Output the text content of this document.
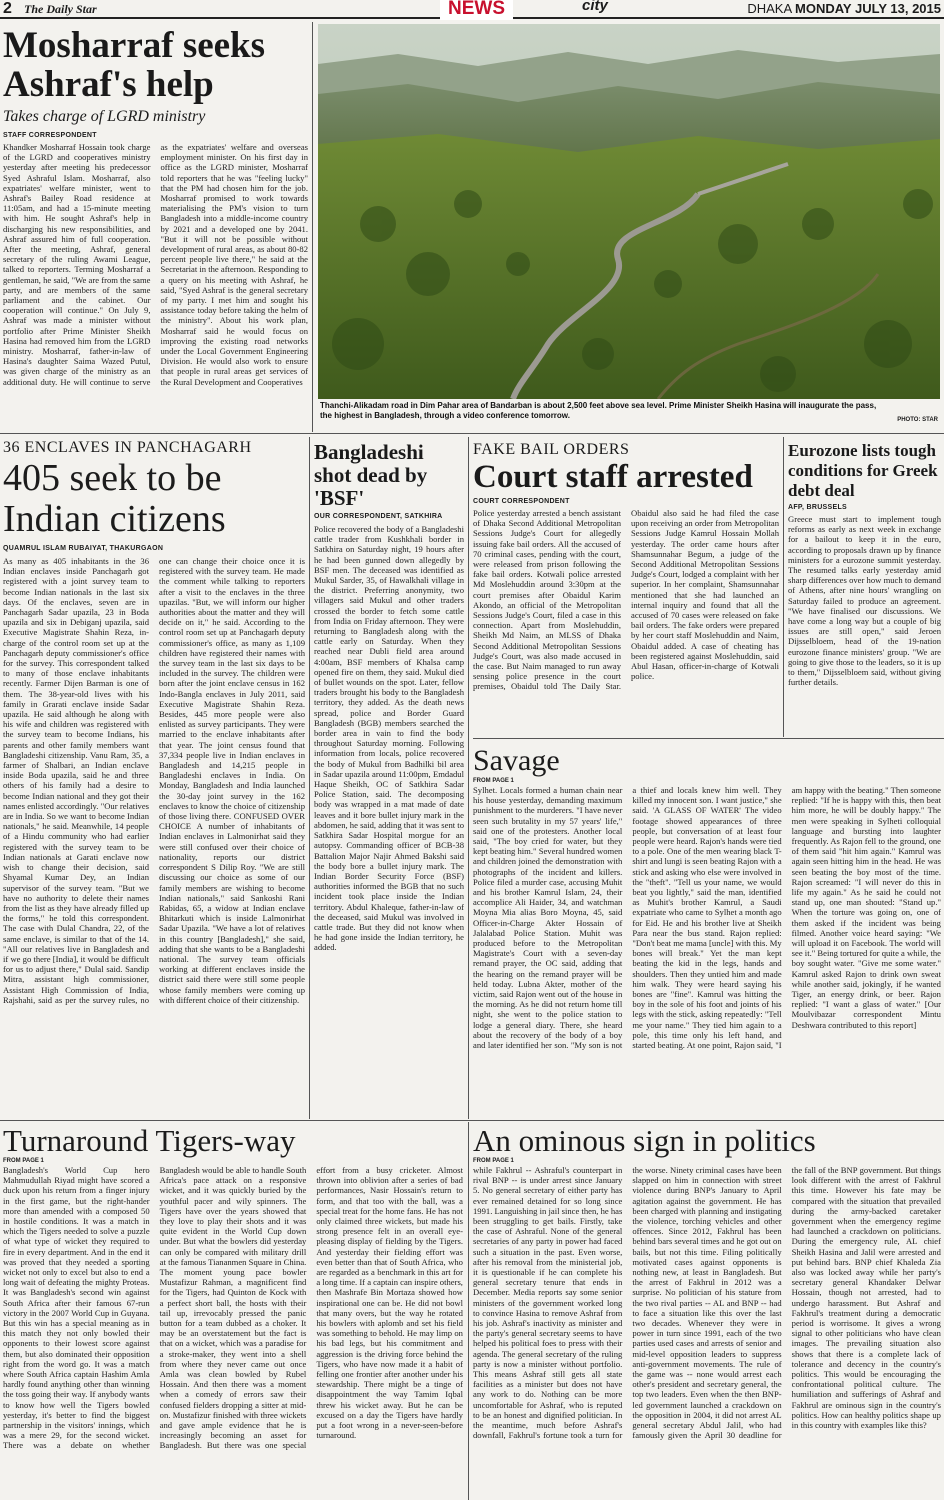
2 The Daily Star	NEWS	city	DHAKA MONDAY JULY 13, 2015
Mosharraf seeks Ashraf's help
Takes charge of LGRD ministry
STAFF CORRESPONDENT
Khandker Mosharraf Hossain took charge of the LGRD and cooperatives ministry yesterday after meeting his predecessor Syed Ashraful Islam. Mosharraf, also expatriates' welfare minister, went to Ashraf's Bailey Road residence at 11:05am, and had a 15-minute meeting with him. He sought Ashraf's help in discharging his new responsibilities, and Ashraf assured him of full cooperation. After the meeting, Ashraf, general secretary of the ruling Awami League, talked to reporters. Terming Mosharraf a gentleman, he said, "We are from the same party, and are members of the same parliament and the cabinet. Our cooperation will continue." On July 9, Ashraf was made a minister without portfolio after Prime Minister Sheikh Hasina had removed him from the LGRD ministry. Mosharraf, father-in-law of Hasina's daughter Saima Wazed Putul, was given charge of the ministry as an additional duty. He will continue to serve as the expatriates' welfare and overseas employment minister. On his first day in office as the LGRD minister, Mosharraf told reporters that he was "feeling lucky" that the PM had chosen him for the job. Mosharraf promised to work towards materialising the PM's vision to turn Bangladesh into a middle-income country by 2021 and a developed one by 2041. "But it will not be possible without development of rural areas, as about 80-82 percent people live there," he said at the Secretariat in the afternoon. Responding to a query on his meeting with Ashraf, he said, "Syed Ashraf is the general secretary of my party. I met him and sought his assistance today before taking the helm of the ministry". About his work plan, Mosharraf said he would focus on improving the existing road networks under the Local Government Engineering Division. He would also work to ensure that people in rural areas get services of the Rural Development and Cooperatives
Thanchi-Alikadam road in Dim Pahar area of Bandarban is about 2,500 feet above sea level. Prime Minister Sheikh Hasina will inaugurate the pass, the highest in Bangladesh, through a video conference tomorrow.	PHOTO: STAR
36 ENCLAVES IN PANCHAGARH
405 seek to be Indian citizens
QUAMRUL ISLAM RUBAIYAT, THAKURGAON
As many as 405 inhabitants in the 36 Indian enclaves inside Panchagarh got registered with a joint survey team to become Indian nationals in the last six days. Of the enclaves, seven are in Panchagarh Sadar upazila, 23 in Boda upazila and six in Debiganj upazila, said Executive Magistrate Shahin Reza, in-charge of the control room set up at the Panchagarh deputy commissioner's office for the survey. This correspondent talked to many of those enclave inhabitants recently. Farmer Dijen Barman is one of them. The 38-year-old lives with his family in Grarati enclave inside Sadar upazila. He said although he along with his wife and children was registered with the survey team to become Indians, his parents and other family members want Bangladeshi citizenship. Vanu Ram, 35, a farmer of Shalbari, an Indian enclave inside Boda upazila, said he and three others of his family had a desire to become Indian national and they got their names enlisted accordingly. "Our relatives are in India. So we want to become Indian nationals," he said. Meanwhile, 14 people of a Hindu community who had earlier registered with the survey team to be Indian nationals at Garati enclave now wish to change their decision, said Shyamal Kumar Dey, an Indian supervisor of the survey team. "But we have no authority to delete their names from the list as they have already filled up the forms," he told this correspondent. The case with Dulal Chandra, 22, of the same enclave, is similar to that of the 14. "All our relatives live in Bangladesh and if we go there [India], it would be difficult for us to adjust there," Dulal said. Sandip Mitra, assistant high commissioner, Assistant High Commission of India, Rajshahi, said as per the survey rules, no one can change their choice once it is registered with the survey team. He made the comment while talking to reporters after a visit to the enclaves in the three upazilas. "But, we will inform our higher authorities about the matter and they will decide on it," he said. According to the control room set up at Panchagarh deputy commissioner's office, as many as 1,109 children have registered their names with the survey team in the last six days to be included in the survey. The children were born after the joint enclave census in 162 Indo-Bangla enclaves in July 2011, said Executive Magistrate Shahin Reza. Besides, 445 more people were also enlisted as survey participants. They were married to the enclave inhabitants after that year. The joint census found that 37,334 people live in Indian enclaves in Bangladesh and 14,215 people in Bangladeshi enclaves in India. On Monday, Bangladesh and India launched the 30-day joint survey in the 162 enclaves to know the choice of citizenship of those living there. CONFUSED OVER CHOICE A number of inhabitants of Indian enclaves in Lalmonirhat said they were still confused over their choice of nationality, reports our district correspondent S Dilip Roy. "We are still discussing our choice as some of our family members are wishing to become Indian nationals," said Sankoshi Rani Rabidas, 65, a widow at Indian enclave Bhitarkuti which is inside Lalmonirhat Sadar Upazila. "We have a lot of relatives in this country [Bangladesh]," she said, adding that she wants to be a Bangladeshi national. The survey team officials working at different enclaves inside the district said there were still some people whose family members were coming up with different choice of their citizenship.
Bangladeshi shot dead by 'BSF'
OUR CORRESPONDENT, SATKHIRA
Police recovered the body of a Bangladeshi cattle trader from Kushkhali border in Satkhira on Saturday night, 19 hours after he had been gunned down allegedly by BSF men. The deceased was identified as Mukul Sarder, 35, of Hawalkhali village in the district. Preferring anonymity, two villagers said Mukul and other traders crossed the border to fetch some cattle from India on Friday afternoon. They were returning to Bangladesh along with the cattle early on Saturday. When they reached near Dubli field area around 4:00am, BSF members of Khalsa camp opened fire on them, they said. Mukul died of bullet wounds on the spot. Later, fellow traders brought his body to the Bangladesh territory, they added. As the death news spread, police and Border Guard Bangladesh (BGB) members searched the border area in vain to find the body throughout Saturday morning. Following information from locals, police recovered the body of Mukul from Badhilki bil area in Sadar upazila around 11:00pm, Emdadul Haque Sheikh, OC of Satkhira Sadar Police Station, said. The decomposing body was wrapped in a mat made of date leaves and it bore bullet injury mark in the abdomen, he said, adding that it was sent to Satkhira Sadar Hospital morgue for an autopsy. Commanding officer of BCB-38 Battalion Major Najir Ahmed Bakshi said the body bore a bullet injury mark. The Indian Border Security Force (BSF) authorities informed the BGB that no such incident took place inside the Indian territory. Abdul Khaleque, father-in-law of the deceased, said Mukul was involved in cattle trade. But they did not know when he had gone inside the Indian territory, he added.
FAKE BAIL ORDERS
Court staff arrested
COURT CORRESPONDENT
Police yesterday arrested a bench assistant of Dhaka Second Additional Metropolitan Sessions Judge's Court for allegedly issuing fake bail orders. All the accused of 70 criminal cases, pending with the court, were released from prison following the fake bail orders. Kotwali police arrested Md Moslehuddin around 3:30pm at the court premises after Obaidul Karim Akondo, an official of the Metropolitan Sessions Judge's Court, filed a case in this connection. Apart from Moslehuddin, Sheikh Md Naim, an MLSS of Dhaka Second Additional Metropolitan Sessions Judge's Court, was also made accused in the case. But Naim managed to run away sensing police presence in the court premises, Obaidul told The Daily Star. Obaidul also said he had filed the case upon receiving an order from Metropolitan Sessions Judge Kamrul Hossain Mollah yesterday. The order came hours after Shamsunnahar Begum, a judge of the Second Additional Metropolitan Sessions Judge's Court, lodged a complaint with her superior. In her complaint, Shamsunnahar mentioned that she had launched an internal inquiry and found that all the accused of 70 cases were released on fake bail orders. The fake orders were prepared by her court staff Moslehuddin and Naim, Obaidul added. A case of cheating has been registered against Moslehuddin, said Abul Hasan, officer-in-charge of Kotwali police.
Eurozone lists tough conditions for Greek debt deal
AFP, BRUSSELS
Greece must start to implement tough reforms as early as next week in exchange for a bailout to keep it in the euro, according to proposals drawn up by finance ministers for a eurozone summit yesterday. The resumed talks early yesterday amid sharp differences over how much to demand of Athens, after nine hours' wrangling on Saturday failed to produce an agreement. "We have finalised our discussions. We have come a long way but a couple of big issues are still open," said Jeroen Dijsselbloem, head of the 19-nation eurozone finance ministers' group. "We are going to give those to the leaders, so it is up to them," Dijsselbloem said, without giving further details.
Savage
FROM PAGE 1
Sylhet. Locals formed a human chain near his house yesterday, demanding maximum punishment to the murderers. "I have never seen such brutality in my 57 years' life," said one of the protesters. Another local said, "The boy cried for water, but they kept beating him." Several hundred women and children joined the demonstration with photographs of the incident and killers. Police filed a murder case, accusing Muhit and his brother Kamrul Islam, 24, their accomplice Ali Haider, 34, and watchman Moyna Mia alias Boro Moyna, 45, said Officer-in-Charge Akter Hossain of Jalalabad Police Station. Muhit was produced before to the Metropolitan Magistrate's Court with a seven-day remand prayer, the OC said, adding that the hearing on the remand prayer will be held today. Lubna Akter, mother of the victim, said Rajon went out of the house in the morning. As he did not return home till night, she went to the police station to lodge a general diary. There, she heard about the recovery of the body of a boy and later identified her son. "My son is not a thief and locals knew him well. They killed my innocent son. I want justice," she said. 'A GLASS OF WATER' The video footage showed appearances of three people, but conversation of at least four people were heard. Rajon's hands were tied to a pole. One of the men wearing black T-shirt and lungi is seen beating Rajon with a stick and asking who else were involved in the "theft". "Tell us your name, we would beat you lightly," said the man, identified as Muhit's brother Kamrul, a Saudi expatriate who came to Sylhet a month ago for Eid. He and his brother live at Sheikh Para near the bus stand. Rajon replied: "Don't beat me mama [uncle] with this. My bones will break." Yet the man kept beating the kid in the legs, hands and shoulders. Then they untied him and made him walk. They were heard saying his bones are "fine". Kamrul was hitting the boy in the sole of his foot and joints of his legs with the stick, asking repeatedly: "Tell me your name." They tied him again to a pole, this time only his left hand, and started beating. At one point, Rajon said, "I am happy with the beating." Then someone replied: "If he is happy with this, then beat him more, he will be doubly happy." The men were speaking in Sylheti colloquial language and bursting into laughter frequently. As Rajon fell to the ground, one of them said "hit him again." Kamrul was again seen hitting him in the head. He was seen beating the boy most of the time. Rajon screamed: "I will never do this in life my again." As he said he could not stand up, one man shouted: "Stand up." When the torture was going on, one of them asked if the incident was being filmed. Another voice heard saying: "We will upload it on Facebook. The world will see it." Being tortured for quite a while, the boy sought water. "Give me some water." Kamrul asked Rajon to drink own sweat while another said, jokingly, if he wanted Tiger, an energy drink, or beer. Rajon replied: "I want a glass of water." [Our Moulvibazar correspondent Mintu Deshwara contributed to this report]
Turnaround Tigers-way
FROM PAGE 1
Bangladesh's World Cup hero Mahmudullah Riyad might have scored a duck upon his return from a finger injury in the first game, but the right-hander more than amended with a composed 50 in hostile conditions. It was a match in which the Tigers needed to solve a puzzle of what type of wicket they required to fire in every department. And in the end it was proved that they needed a sporting wicket not only to excel but also to end a long wait of defeating the mighty Proteas. It was Bangladesh's second win against South Africa after their famous 67-run victory in the 2007 World Cup in Guyana. But this win has a special meaning as in this match they not only bowled their opponents to their lowest score against them, but also dominated their opposition right from the word go. It was a match where South Africa captain Hashim Amla hardly found anything other than winning the toss going their way. If anybody wants to know how well the Tigers bowled yesterday, it's better to find the biggest partnership in the visitors' innings, which was a mere 29, for the second wicket. There was a debate on whether Bangladesh would be able to handle South Africa's pace attack on a responsive wicket, and it was quickly buried by the youthful pacer and wily spinners. The Tigers have over the years showed that they love to play their shots and it was quite evident in the World Cup down under. But what the bowlers did yesterday can only be compared with military drill at the famous Tiananmen Square in China. The moment young pace bowler Mustafizur Rahman, a magnificent find for the Tigers, had Quinton de Kock with a perfect short ball, the hosts with their tail up, irrevocably pressed the panic button for a team dubbed as a choker. It may be an overstatement but the fact is that on a wicket, which was a paradise for a stroke-maker, they went into a shell from where they never came out once Amla was clean bowled by Rubel Hossain. And then there was a moment when a comedy of errors saw their confused fielders dropping a sitter at mid-on. Mustafizur finished with three wickets and gave ample evidence that he is increasingly becoming an asset for Bangladesh. But there was one special effort from a busy cricketer. Almost thrown into oblivion after a series of bad performances, Nasir Hossain's return to form, and that too with the ball, was a special treat for the home fans. He has not only claimed three wickets, but made his strong presence felt in an overall eye-pleasing display of fielding by the Tigers. And yesterday their fielding effort was even better than that of South Africa, who are regarded as a benchmark in this art for a long time. If a captain can inspire others, then Mashrafe Bin Mortaza showed how inspirational one can be. He did not bowl that many overs, but the way he rotated his bowlers with aplomb and set his field was something to behold. He may limp on his bad legs, but his commitment and aggression is the driving force behind the Tigers, who have now made it a habit of felling one frontier after another under his stewardship. There might be a tinge of disappointment the way Tamim Iqbal threw his wicket away. But he can be excused on a day the Tigers have hardly put a foot wrong in a never-seen-before turnaround.
An ominous sign in politics
FROM PAGE 1
while Fakhrul -- Ashraful's counterpart in rival BNP -- is under arrest since January 5. No general secretary of either party has ever remained detained for so long since 1991. Languishing in jail since then, he has been struggling to get bails. Firstly, take the case of Ashraful. None of the general secretaries of any party in power had faced such a situation in the past. Even worse, after his removal from the ministerial job, it is questionable if he can complete his general secretary tenure that ends in December. Media reports say some senior ministers of the government worked long to convince Hasina to remove Ashraf from his job. Ashraf's inactivity as minister and the party's general secretary seems to have helped his political foes to press with their agenda. The general secretary of the ruling party is now a minister without portfolio. This means Ashraf still gets all state facilities as a minister but does not have any work to do. Nothing can be more uncomfortable for Ashraf, who is reputed to be an honest and dignified politician. In the meantime, much before Ashraf's downfall, Fakhrul's fortune took a turn for the worse. Ninety criminal cases have been slapped on him in connection with street violence during BNP's January to April agitation against the government. He has been charged with planning and instigating the violence, torching vehicles and other offences. Since 2012, Fakhrul has been behind bars several times and he got out on bails, but not this time. Filing politically motivated cases against opponents is nothing new, at least in Bangladesh. But the arrest of Fakhrul in 2012 was a surprise. No politician of his stature from the two rival parties -- AL and BNP -- had to face a situation like this over the last two decades. Whenever they were in power in turn since 1991, each of the two parties used cases and arrests of senior and mid-level opposition leaders to suppress anti-government movements. The rule of the game was -- none would arrest each other's president and secretary general, the top two leaders. Even when the then BNP-led government launched a crackdown on the opposition in 2004, it did not arrest AL general secretary Abdul Jalil, who had famously given the April 30 deadline for the fall of the BNP government. But things look different with the arrest of Fakhrul this time. However his fate may be compared with the situation that prevailed during the army-backed caretaker government when the emergency regime had launched a crackdown on politicians. During the emergency rule, AL chief Sheikh Hasina and Jalil were arrested and put behind bars. BNP chief Khaleda Zia also was locked away while her party's secretary general Khandaker Delwar Hossain, though not arrested, had to undergo harassment. But Ashraf and Fakhrul's treatment during a democratic period is worrisome. It gives a wrong signal to other politicians who have clean images. The prevailing situation also shows that there is a complete lack of tolerance and decency in the country's politics. This would be encouraging the confrontational political culture. The humiliation and sufferings of Ashraf and Fakhrul are ominous sign in the country's politics. How can healthy politics shape up in this country with examples like this?
